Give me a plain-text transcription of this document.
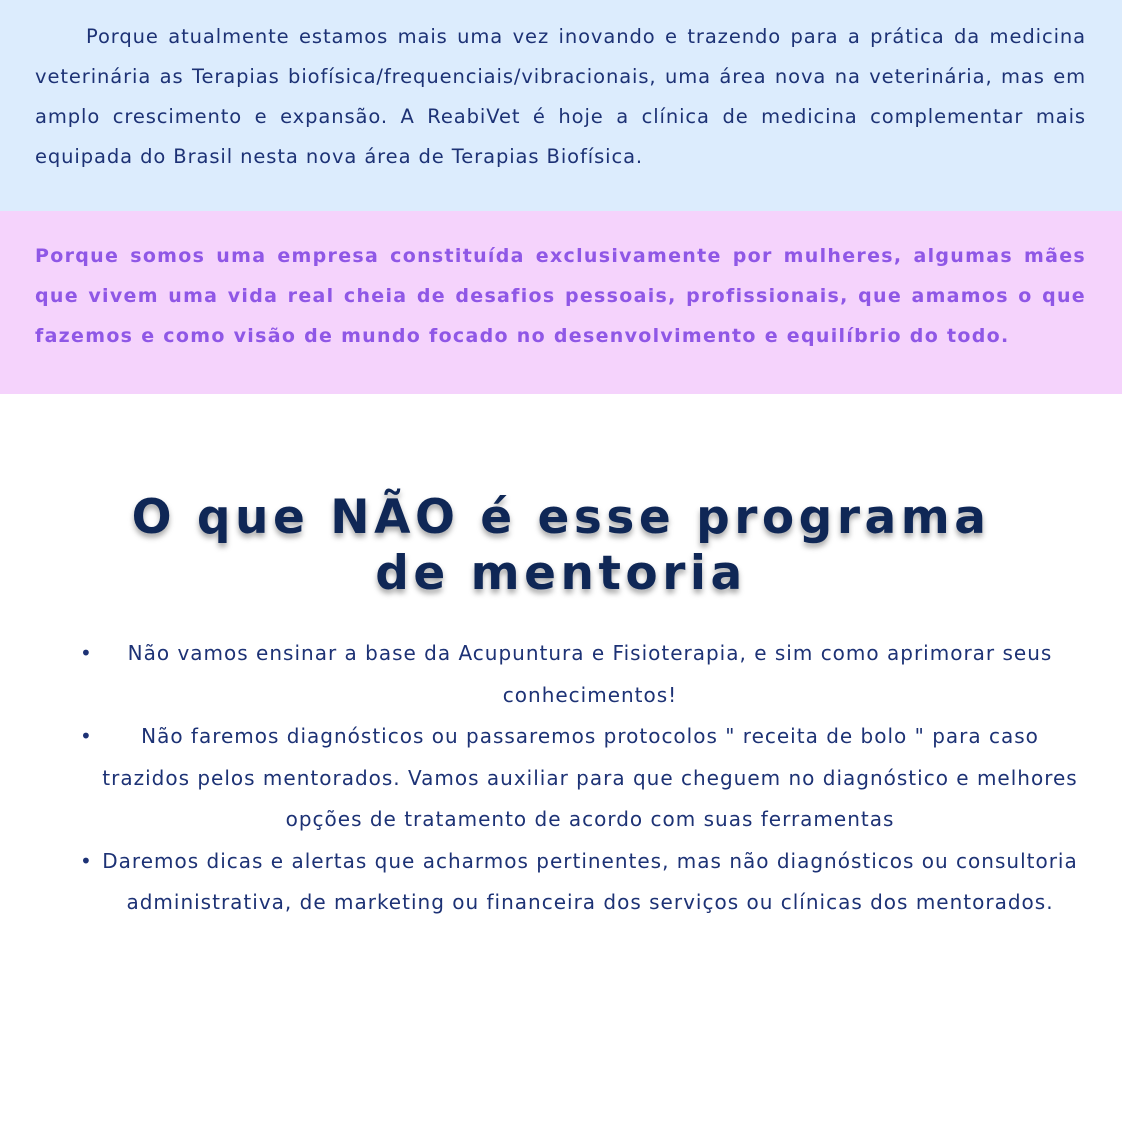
Porque atualmente estamos mais uma vez inovando e trazendo para a prática da medicina veterinária as Terapias biofísica/frequenciais/vibracionais, uma área nova na veterinária, mas em amplo crescimento e expansão. A ReabiVet é hoje a clínica de medicina complementar mais equipada do Brasil nesta nova área de Terapias Biofísica.

Porque somos uma empresa constituída exclusivamente por mulheres, algumas mães que vivem uma vida real cheia de desafios pessoais, profissionais, que amamos o que fazemos e como visão de mundo focado no desenvolvimento e equilíbrio do todo.

O que NÃO é esse programa
de mentoria
• Não vamos ensinar a base da Acupuntura e Fisioterapia, e sim como aprimorar seus conhecimentos!
• Não faremos diagnósticos ou passaremos protocolos " receita de bolo " para caso trazidos pelos mentorados. Vamos auxiliar para que cheguem no diagnóstico e melhores opções de tratamento de acordo com suas ferramentas
• Daremos dicas e alertas que acharmos pertinentes, mas não diagnósticos ou consultoria administrativa, de marketing ou financeira dos serviços ou clínicas dos mentorados.
